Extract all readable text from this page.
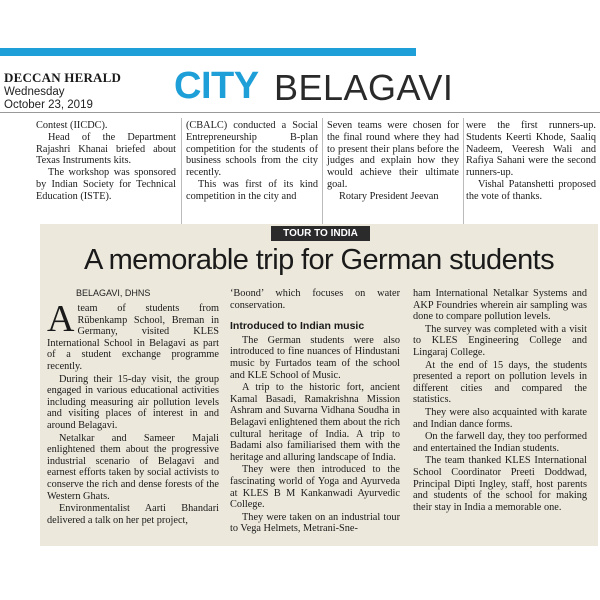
DECCAN HERALD
Wednesday
October 23, 2019	CITY BELAGAVI

Contest (IICDC).

Head of the Department Rajashri Khanai briefed about Texas Instruments kits.

The workshop was sponsored by Indian Society for Technical Education (ISTE).

(CBALC) conducted a Social Entrepreneurship B-plan competition for the students of business schools from the city recently.

This was first of its kind competition in the city and

Seven teams were chosen for the final round where they had to present their plans before the judges and explain how they would achieve their ultimate goal.

Rotary President Jeevan

were the first runners-up. Students Keerti Khode, Saaliq Nadeem, Veeresh Wali and Rafiya Sahani were the second runners-up.

Vishal Patanshetti proposed the vote of thanks.

TOUR TO INDIA
A memorable trip for German students
BELAGAVI, DHNS

Ateam of students from Rübenkamp School, Breman in Germany, visited KLES International School in Belagavi as part of a student exchange programme recently.

During their 15-day visit, the group engaged in various educational activities including measuring air pollution levels and visiting places of interest in and around Belagavi.

Netalkar and Sameer Majali enlightened them about the progressive industrial scenario of Belagavi and earnest efforts taken by social activists to conserve the rich and dense forests of the Western Ghats.

Environmentalist Aarti Bhandari delivered a talk on her pet project,

‘Boond’ which focuses on water conservation.

Introduced to Indian music

The German students were also introduced to fine nuances of Hindustani music by Furtados team of the school and KLE School of Music.

A trip to the historic fort, ancient Kamal Basadi, Ramakrishna Mission Ashram and Suvarna Vidhana Soudha in Belagavi enlightened them about the rich cultural heritage of India. A trip to Badami also familiarised them with the heritage and alluring landscape of India.

They were then introduced to the fascinating world of Yoga and Ayurveda at KLES B M Kankanwadi Ayurvedic College.

They were taken on an industrial tour to Vega Helmets, Metrani-Sne-

ham International Netalkar Systems and AKP Foundries wherein air sampling was done to compare pollution levels.

The survey was completed with a visit to KLES Engineering College and Lingaraj College.

At the end of 15 days, the students presented a report on pollution levels in different cities and compared the statistics.

They were also acquainted with karate and Indian dance forms.

On the farwell day, they too performed and entertained the Indian students.

The team thanked KLES International School Coordinator Preeti Doddwad, Principal Dipti Ingley, staff, host parents and students of the school for making their stay in India a memorable one.
